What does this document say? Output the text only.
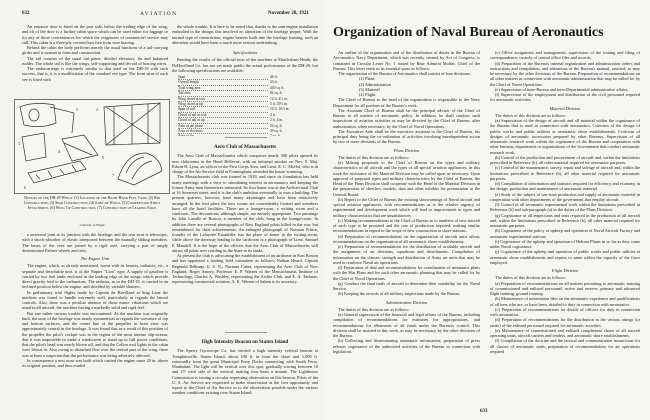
632	AVIATION	November 28, 1921

An entrance door is fitted on the port side, below the trailing edge of the wing, and aft of the door is a further cabin space which can be used either for luggage or for any of those conveniences for which the exigencies of commercial service may call. This cabin is a three-ply covered box free from wire bracing.

Behind the cabin the body performs merely the usual functions of a tail-carrying girder and is normal in form and construction.

The tail consists of the usual tail plane, divided elevators, fin and balanced rudder. The whole tail is like the wings, self-supporting and devoid of bracing wires.

The undercarriage is extremely similar to that used on the DH-18 with such success, that is, it is a modification of the standard vee type. The front strut of each vee is fitted with

1	2
3
5
6
7
4
Details of the DH-29 Wings: (1) Location of the Right Hand Fuel Tank, (2) Rib Construction, (3) Spar Construction, (4) Joint of Wings, (5) Compression Strut Attachment, (6) Wing Tip Construction, (7) Construction of Leading Edge.
Courtesy of Flight

a universal joint at its junction with the fuselage, and the rear strut is telescopic, with a shock-absorber of elastic interposed between the mutually sliding members. The bases of the vees are joined by a rigid axle, carrying a pair of amply dimensioned Palmer wheels and tires.

The Engine Unit

The engine, which, as already mentioned, forms with its bearers, radiators, etc., a separate and detachable unit, is of the Napier "Lion" type. A supply of gasoline is carried by two fuel tanks enclosed in the leading edge of the wings, which provide direct gravity feed to the carburetors. The radiator, as in the DH-18, is carried in an inclined position below the engine, and shielded by variable shutters.

In preliminary trial flights made by Captain de Havilland at Stag Lane the machine was found to handle extremely well, particularly as regards the lateral controls. Also, there was a peculiar absence of those minor vibrations which are usual in all aircraft, the machine having a markedly solid and rigid feel.

But one rather curious trouble was encountered. As the machine was originally built, the nose of the fuselage was nearly symmetrical as regards the curvature of top and bottom surfaces, and the center line of the propeller in front view was approximately central in the fuselage. It was found that as a result of this position of the propeller the pilot's cockpit was in the region of the most intense slip-stream, that it was impossible to make a windscreen to stand up to full power conditions, that the pilot's head was nearly blown off, and that the Cellon roof lights in the cabin were blown in. Also owing to disturbed flow over the central part of the wing, there was at least a suspicion that the performance was being adversely affected.

In consequence a new nose was built which carried the engine some 20 in. above its original position, and thus evaded

the whole trouble. It is here to be noted that, thanks to the unit engine installation embodied in the design, this involved no alteration of the fuselage proper. With the normal type of construction, engine bearers built into the fuselage framing, such an alteration would have been a much more serious undertaking.

Specifications

Pending the results of the official tests of the machine at Martlesham Heath, the DeHavilland Co. has not yet made public the actual performance of the DH-29, but the following specifications are available:

Span	46 ft.
Overall length	33 ft.
Total wing area	440 sq. ft.
Tail area	82 sq. ft.
Wing chord at root	12 ft. 4½ in.
Wing chord at tip	5 ft. 10½ in.
Span of tail	14 ft. 10½ in.
Chord of tail at root	4 ft.
Chord of tail at tip	2 ft. 4 in.
Area of tail plane	52 sq. ft.
Area of elevators	30 sq. ft.

Aero Club of Massachusetts

The Aero Club of Massachusetts which comprises nearly 300 pilots opened its new clubrooms in the Hotel Bellevue, with an informal smoker on Nov. 9. Maj. Edwin B. Lyon, air officer of the First Corps Area, and Lieut. E. C. Moffat, who is in charge of the Air Service field at Framingham, attended the house-warming.

The Massachusetts club was formed in 1919, and since its foundation has held many meetings with a view to stimulating interest in aeronautics and keeping the former Army men themselves interested. Its first home was at the Architectural Club at 16 Somerset street, and it is the club's ambition eventually to own a building. The present quarters, however, have many advantages and have been attractively arranged. In the first place the new rooms are conveniently located and members have all the hotel facilities. There are a lounge-room, a writing room and a cardroom. The decorations, although simple, are entirely appropriate. Two paintings by John Lavalle of Boston, a member of the club, hang in the lounge-room. In addition there are several photographs of New England pilots killed in the war, but remembered for their achievements. An enlarged photograph of Norman Prince, founder of the Lafayette Escadrille, has the place of honor in the writing-room, while above the doorway leading to the cardroom is a photograph of Lieut. Samuel P. Mandell. It is the hope of the officers that the Aero Club of Massachusetts will attract all pilots now residing in the State to its ranks.

At present the club is advocating the establishment of an airdrome in East Boston and has appointed a landing field committee as follows: Nathan Heard, Captain Reginald Belknap, U. S. N.; Norman Cabot, representing the Aero Club of New England; Roger Amory, Professor E. P. Warner of the Massachusetts Institute of Technology, Charles A. Washley, representing the Archie Club, and E. A. Tarbaux, representing commercial aviation. A. K. Warren of Salem is its secretary.

High Intensity Beacon on Staten Island

The Sperry Gyroscope Co. has erected a high intensity vertical beacon at Tompkinsville, Staten Island, about 100 ft. in from the shore and 1,000 ft. eastwardly from the great Municipal Ferry Docks connecting with South Ferry, Manhattan. The light will be vertical over this spot, gradually waving between 10 and 15° each side of the vertical, making four beats a minute. The Lighthouse Commission is issuing a circular requesting observation on this beacon. Pilots of the U. S. Air Service are requested to make observation at the first opportunity and report to the Chief of Air Service as to the observation possible under the various weather conditions existing over Staten Island.

Organization of Naval Bureau of Aeronautics

An outline of the organization and of the distribution of duties in the Bureau of Aeronautics, Navy Department, which was recently created by Act of Congress, is contained in Circular Letter No. 1 issued by Rear Admiral Moffat, Chief of the Bureau. This letter reads in its essential parts as follows:

The organization of the Bureau of Aeronautics shall consist of four divisions:

(1) Plans

(2) Administration

(3) Material

(4) Flight.

The Chief of Bureau as the head of the organization is responsible to the Navy Department for all portions of the Bureau's work.

The Assistant Chief of Bureau shall be the principal adviser of the Chief of Bureau in all matters of aeronautic policy. In addition, he shall conduct such inspections of aviation activities as may be directed by the Chief of Bureau, after authorization, when necessary, by the Chief of Naval Operations.

The Executive Aide shall be the executive assistant to the Chief of Bureau, his principal duty being the co-ordination of activities involving interdependent action by two or more divisions of the Bureau.

Plans Division

The duties of this division are as follows:

(a) Making proposals to the Chief of Bureau on the types and military characteristics of all aircraft and the types of all special aviation appliances; in this work the assistance of the Material Division may be called upon as necessary. Upon approval of proposed types and military characteristics by the Chief of Bureau, the Head of the Plans Division shall cooperate with the Head of the Material Division in the preparation of sketches, models, data and other exhibits for presentation to the General Board.

(b) Report to the Chief of Bureau the existing shortcomings of Naval aircraft and special aviation appliances, with recommendations as to the relative urgency of experimental and development work which will lead to improvement in types and military characteristics that are unsatisfactory.

(c) Making recommendations to the Chief of Bureau as to numbers of new aircraft of each type to be procured and the rate of production required; making similar recommendations in regard to the scope of new construction at shore stations.

(d) Preparation of recommendations on the organization of aircraft units afloat; recommendations on the organization of all aeronautic shore establishments.

(e) Preparation of recommendations for the distribution of available aircraft and the assignment of air divisions, squadrons and detachments. Compilation of information on the classes, strength and distribution of Army air units that may be used to reinforce Naval air operations.

(f) Preparation of data and recommendations for coordination of aeronautic plans with the War Plans and for such other aeronautic planning that may be called for by the Chief of Naval Operations.

(g) Conduct the final trials of aircraft to determine their suitability for the Naval Service.

(h) Keeping the records of all military inspections made by the Bureau.

Administration Division

The duties of this division are as follows:

(a) General supervision of the financial and legal affairs of the Bureau, including compilation of recommendations for estimates for appropriations, and recommendations for allotments of all funds under the Bureau's control. This division shall be assisted in this work, as may be necessary, by the other divisions of the Bureau.

(b) Collecting and disseminating aeronautic information; preparation of press release; cognizance of the authorized activities of the Bureau in connection with legislation.

(c) Office assignment and management; supervision of the routing and filing of correspondence; custody of central office files and records.

(d) Preparation of the Bureau's internal organization and administration orders and instructions and compilation, and alterations of the Bureau's manual, assisted, as may be necessary by the other divisions of the Bureau. Preparation of recommendations on all other matters in connection with aeronautic administration that may be called for by the Chief of Naval Operations.

(e) Supervision of inter-Bureau and inter-Departmental administrative affairs.

(f) Supervision of the employment and distribution of the civil personnel required for aeronautic activities.

Material Division

The duties of this division are as follows:

(a) Supervision of the design of aircraft and all material within the cognizance of the Bureau that is used in connection with aeronautics. Criticism of the design of public works and public utilities at aeronautic shore establishments. Criticism of designs of aeronautic accessories prepared by other Bureaus. Supervision of all aeronautic research work within the cognizance of the Bureau and cooperation with other bureaus, departments or organizations of the Government that conduct aeronautic research work.

(b) Control of the production and procurement of aircraft and, within the limitations prescribed in Reference (b), all other material required for aeronautic purposes.

(c) Control of the maintenance, survey, repair and salvage of aircraft and, within the limitations prescribed in Reference (b), all other material required for aeronautic purposes.

(d) Compilation of information and statistics required for efficiency and economy in the design, production and maintenance of aeronautic material.

(e) Study of the subject of war-time production and supply of aeronautic material in cooperation with other departments of the government that employ aircraft.

(f) Control of all aeronautic experimental work within the limitations prescribed in Reference (b) and sub-paragraph (a) in the duties of the Plans Division.

(g) Cognizance of all inspections and tests required in the production of all aircraft and, within the limitations prescribed in Reference (b), all other material required for aeronautic purposes.

(h) Cognizance of the policy of upkeep and operation of Naval Aircraft Factory and aeronautic experimental stations.

(i) Cognizance of the upkeep and operation of Helium Plants in so far as they come under Naval cognizance.

(j) Cognizance of the upkeep and operation of public works and public utilities at aeronautic shore establishments and repairs to same within the capacity of the force employed.

Flight Division

The duties of this division are as follows:

(a) Preparation of recommendations on all matters pertaining to aeronautic training of commissioned and enlisted personnel, active and reserve; primary and advanced flight training; ground training.

(b) Maintenance of information files on the aeronautic experience and qualifications of officers who are, or have been, detailed to duty in connection with aeronautics.

(c) Preparation of recommendations for details of officers for duty in connection with aeronautics.

(d) Preparation of recommendations for the distribution in the various ratings (or ranks) of the enlisted personnel required for aeronautic activities.

(e) Maintenance of commissioned and enlisted complement charts of all aircraft operating units, aircraft carriers and tenders, and aeronautic shore establishments.

(f) Compilation of the doctrine and the tactical and communication instructions for all classes of aeronautic units; preparation of recommendations for air operations required

633
